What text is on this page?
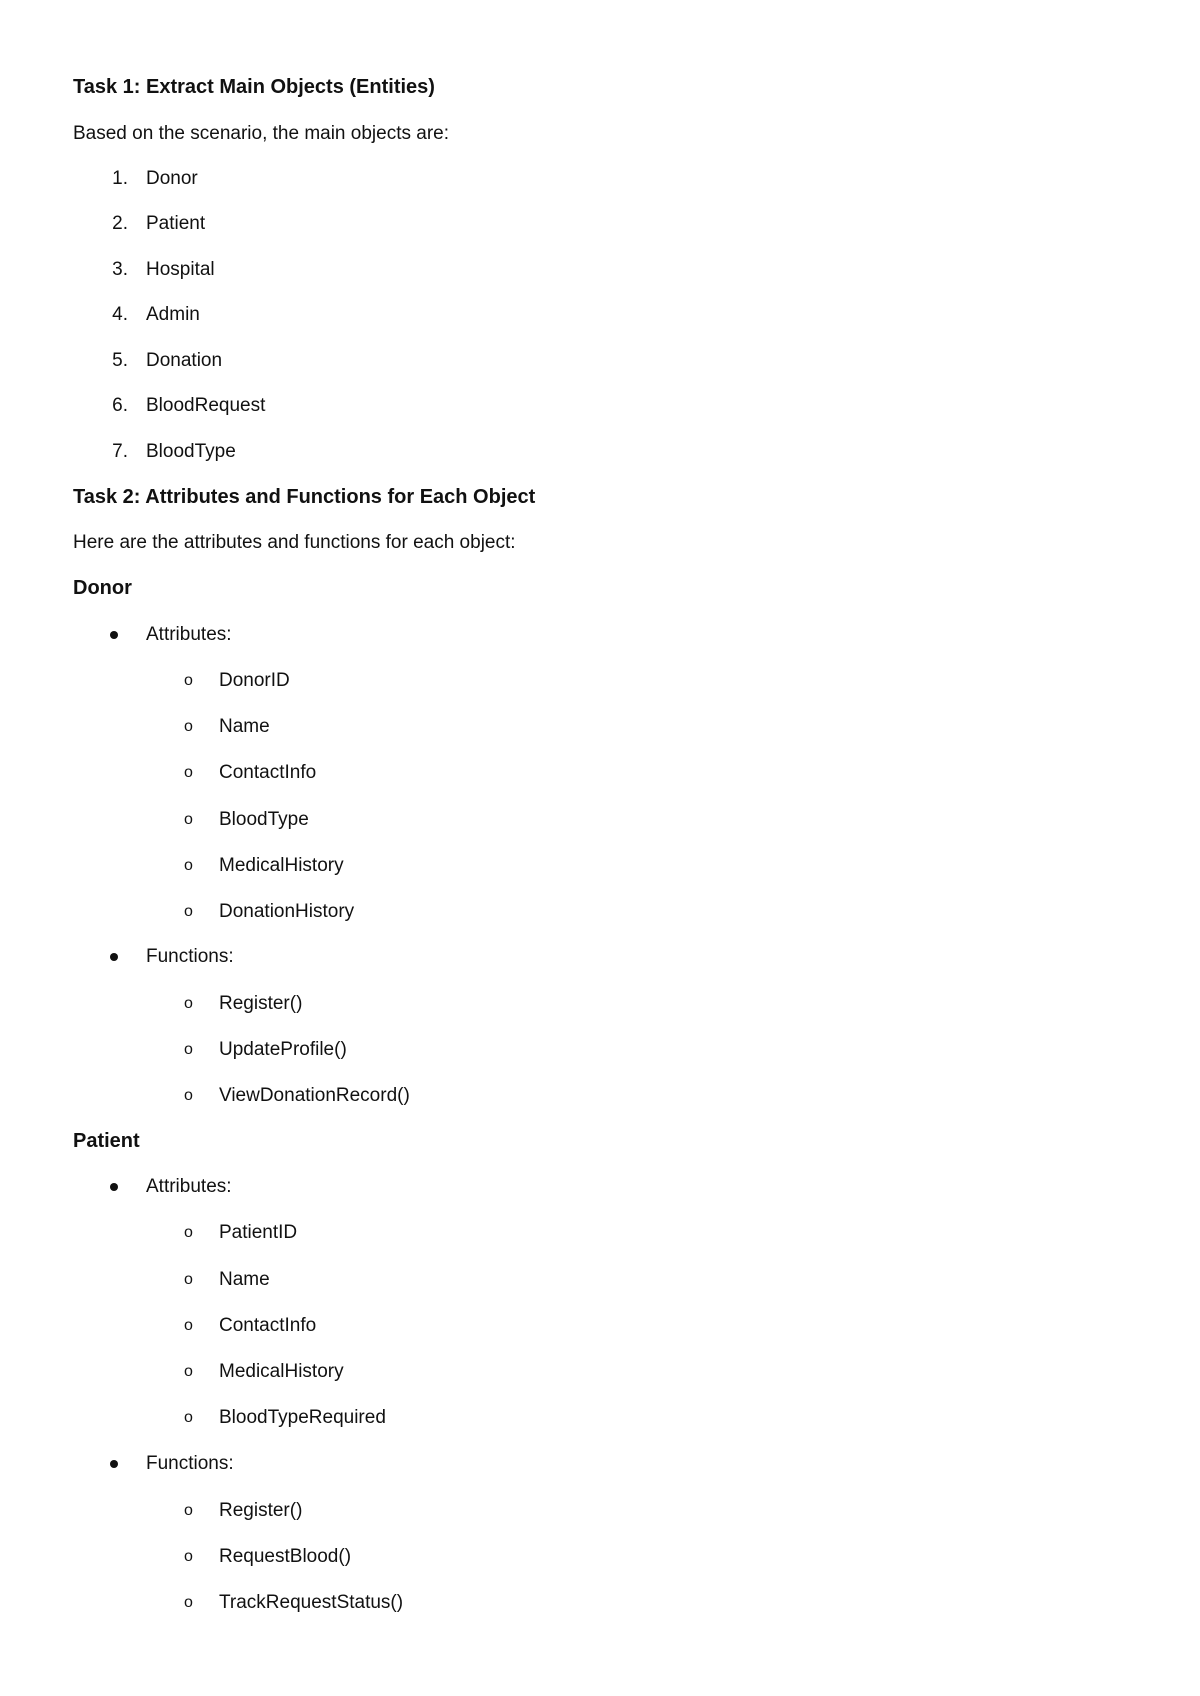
Task 1: Extract Main Objects (Entities)
Based on the scenario, the main objects are:
1. Donor
2. Patient
3. Hospital
4. Admin
5. Donation
6. BloodRequest
7. BloodType
Task 2: Attributes and Functions for Each Object
Here are the attributes and functions for each object:
Donor
Attributes:
o DonorID
o Name
o ContactInfo
o BloodType
o MedicalHistory
o DonationHistory
Functions:
o Register()
o UpdateProfile()
o ViewDonationRecord()
Patient
Attributes:
o PatientID
o Name
o ContactInfo
o MedicalHistory
o BloodTypeRequired
Functions:
o Register()
o RequestBlood()
o TrackRequestStatus()
